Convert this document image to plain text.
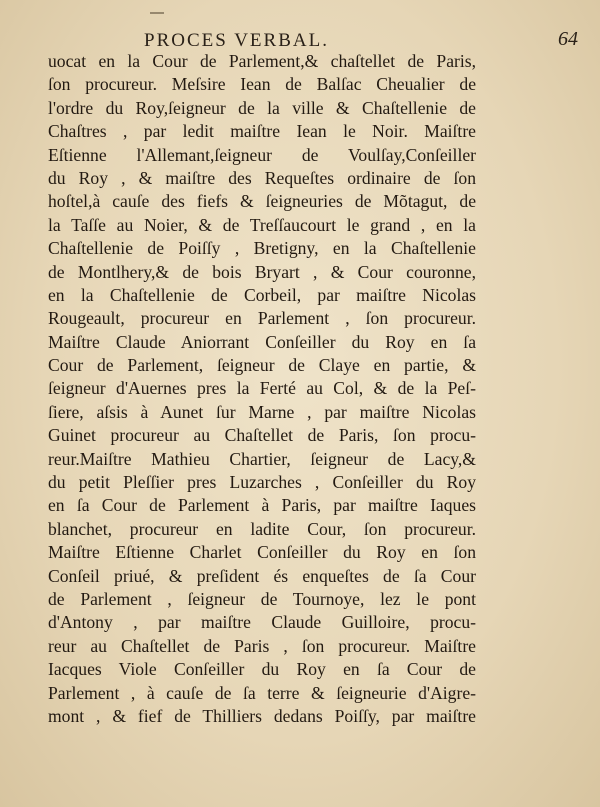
PROCES VERBAL.	64
uocat en la Cour de Parlement,& chaſtellet de Paris,
ſon procureur. Meſsire Iean de Balſac Cheualier de
l'ordre du Roy,ſeigneur de la ville & Chaſtellenie de
Chaſtres , par ledit maiſtre Iean le Noir. Maiſtre
Eſtienne l'Allemant,ſeigneur de Voulſay,Conſeiller
du Roy , & maiſtre des Requeſtes ordinaire de ſon
hoſtel,à cauſe des fiefs & ſeigneuries de Mõtagut, de
la Taſſe au Noier, & de Treſſaucourt le grand , en la
Chaſtellenie de Poiſſy , Bretigny, en la Chaſtellenie
de Montlhery,& de bois Bryart , & Cour couronne,
en la Chaſtellenie de Corbeil, par maiſtre Nicolas
Rougeault, procureur en Parlement , ſon procureur.
Maiſtre Claude Aniorrant Conſeiller du Roy en ſa
Cour de Parlement, ſeigneur de Claye en partie, &
ſeigneur d'Auernes pres la Ferté au Col, & de la Peſ-
ſiere, aſsis à Aunet ſur Marne , par maiſtre Nicolas
Guinet procureur au Chaſtellet de Paris, ſon procu-
reur.Maiſtre Mathieu Chartier, ſeigneur de Lacy,&
du petit Pleſſier pres Luzarches , Conſeiller du Roy
en ſa Cour de Parlement à Paris, par maiſtre Iaques
blanchet, procureur en ladite Cour, ſon procureur.
Maiſtre Eſtienne Charlet Conſeiller du Roy en ſon
Conſeil priué, & preſident és enqueſtes de ſa Cour
de Parlement , ſeigneur de Tournoye, lez le pont
d'Antony , par maiſtre Claude Guilloire, procu-
reur au Chaſtellet de Paris , ſon procureur. Maiſtre
Iacques Viole Conſeiller du Roy en ſa Cour de
Parlement , à cauſe de ſa terre & ſeigneurie d'Aigre-
mont , & fief de Thilliers dedans Poiſſy, par maiſtre
